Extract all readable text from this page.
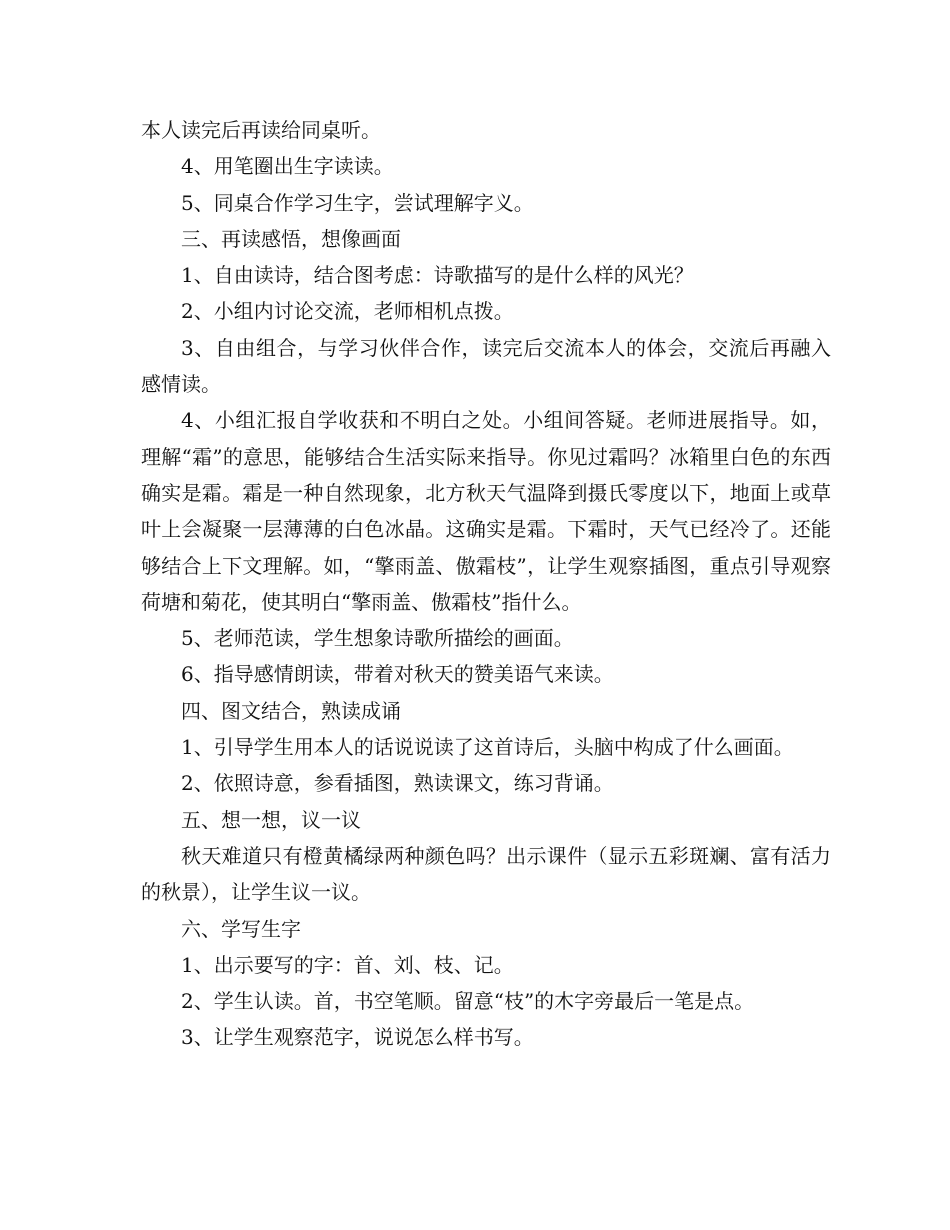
本人读完后再读给同桌听。

4、用笔圈出生字读读。

5、同桌合作学习生字，尝试理解字义。

三、再读感悟，想像画面

1、自由读诗，结合图考虑：诗歌描写的是什么样的风光？

2、小组内讨论交流，老师相机点拨。

3、自由组合，与学习伙伴合作，读完后交流本人的体会，交流后再融入感情读。

4、小组汇报自学收获和不明白之处。小组间答疑。老师进展指导。如，理解“霜”的意思，能够结合生活实际来指导。你见过霜吗？冰箱里白色的东西确实是霜。霜是一种自然现象，北方秋天气温降到摄氏零度以下，地面上或草叶上会凝聚一层薄薄的白色冰晶。这确实是霜。下霜时，天气已经冷了。还能够结合上下文理解。如，“擎雨盖、傲霜枝”，让学生观察插图，重点引导观察荷塘和菊花，使其明白“擎雨盖、傲霜枝”指什么。

5、老师范读，学生想象诗歌所描绘的画面。

6、指导感情朗读，带着对秋天的赞美语气来读。

四、图文结合，熟读成诵

1、引导学生用本人的话说说读了这首诗后，头脑中构成了什么画面。

2、依照诗意，参看插图，熟读课文，练习背诵。

五、想一想，议一议

秋天难道只有橙黄橘绿两种颜色吗？出示课件（显示五彩斑斓、富有活力的秋景），让学生议一议。

六、学写生字

1、出示要写的字：首、刘、枝、记。

2、学生认读。首，书空笔顺。留意“枝”的木字旁最后一笔是点。

3、让学生观察范字，说说怎么样书写。
